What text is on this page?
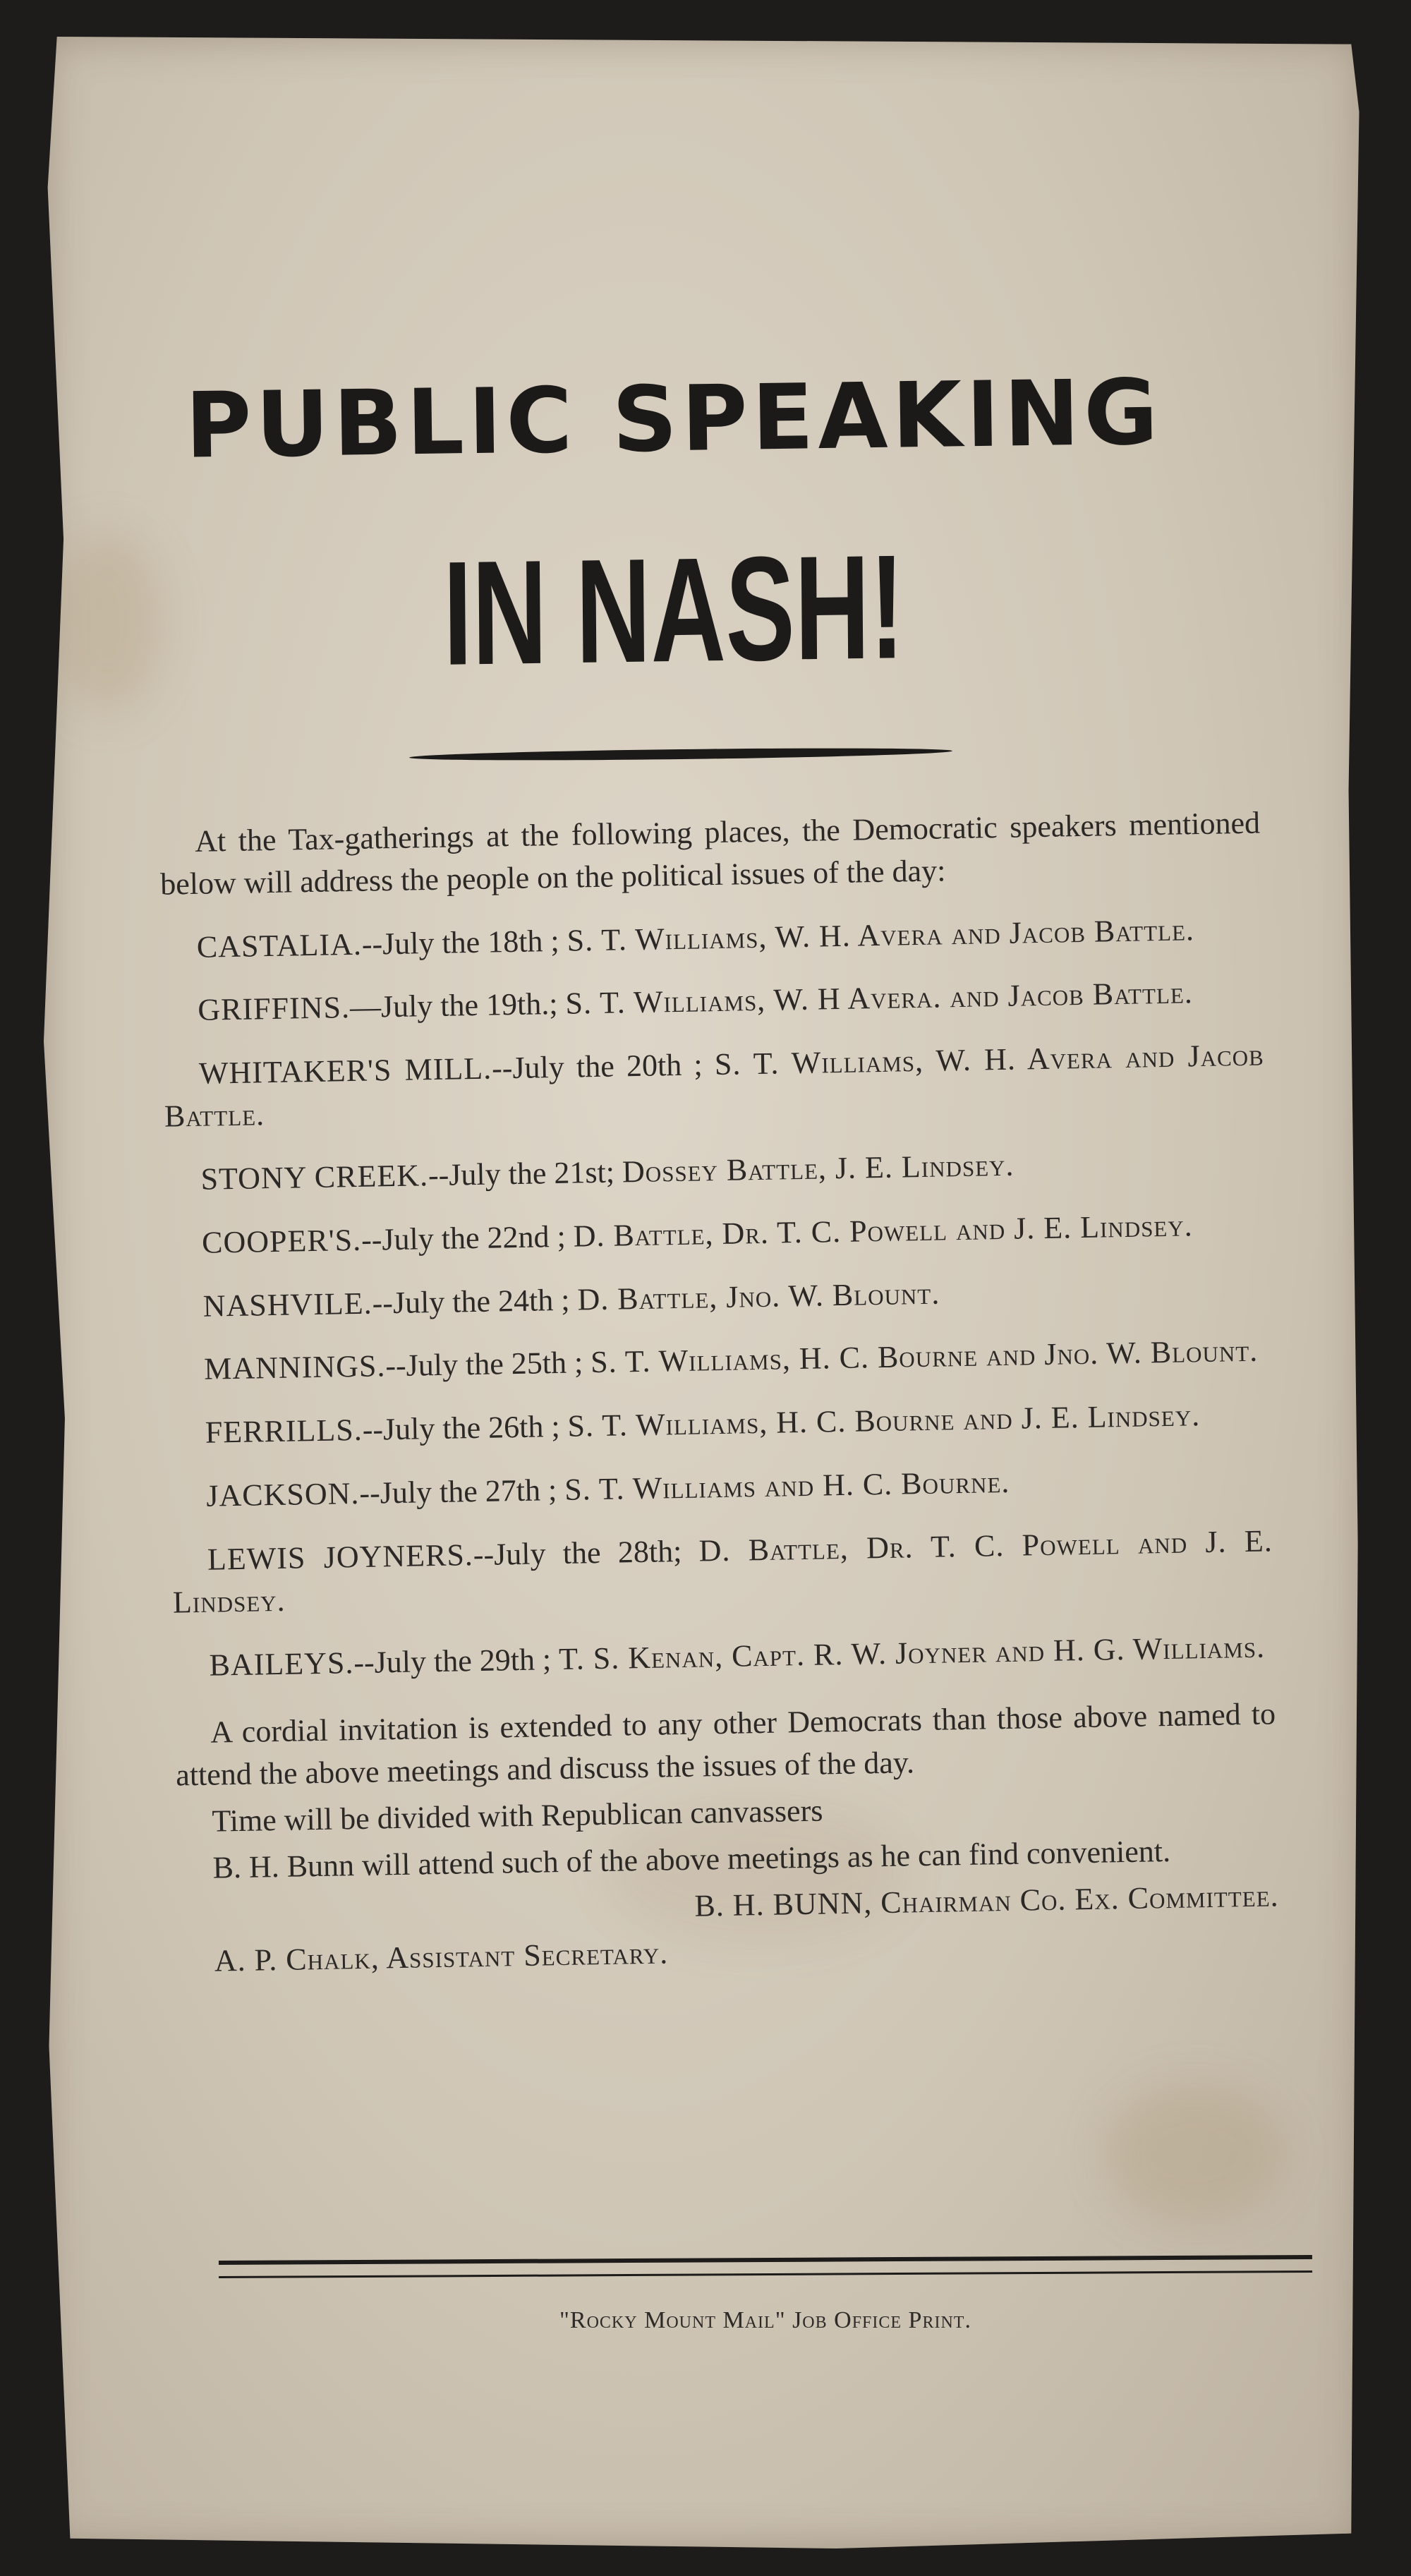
PUBLIC SPEAKING
IN NASH!

At the Tax-gatherings at the following places, the Democratic speakers mentioned below will address the people on the political issues of the day:

CASTALIA.--July the 18th ; S. T. Williams, W. H. Avera and Jacob Battle.

GRIFFINS.—July the 19th.; S. T. Williams, W. H Avera. and Jacob Battle.

WHITAKER'S MILL.--July the 20th ; S. T. Williams, W. H. Avera and Jacob Battle.

STONY CREEK.--July the 21st; Dossey Battle, J. E. Lindsey.

COOPER'S.--July the 22nd ; D. Battle, Dr. T. C. Powell and J. E. Lindsey.

NASHVILE.--July the 24th ; D. Battle, Jno. W. Blount.

MANNINGS.--July the 25th ; S. T. Williams, H. C. Bourne and Jno. W. Blount.

FERRILLS.--July the 26th ; S. T. Williams, H. C. Bourne and J. E. Lindsey.

JACKSON.--July the 27th ; S. T. Williams and H. C. Bourne.

LEWIS JOYNERS.--July the 28th; D. Battle, Dr. T. C. Powell and J. E. Lindsey.

BAILEYS.--July the 29th ; T. S. Kenan, Capt. R. W. Joyner and H. G. Williams.

A cordial invitation is extended to any other Democrats than those above named to attend the above meetings and discuss the issues of the day.

Time will be divided with Republican canvassers

B. H. Bunn will attend such of the above meetings as he can find convenient.

B. H. BUNN, Chairman Co. Ex. Committee.

A. P. Chalk, Assistant Secretary.

"Rocky Mount Mail" Job Office Print.
